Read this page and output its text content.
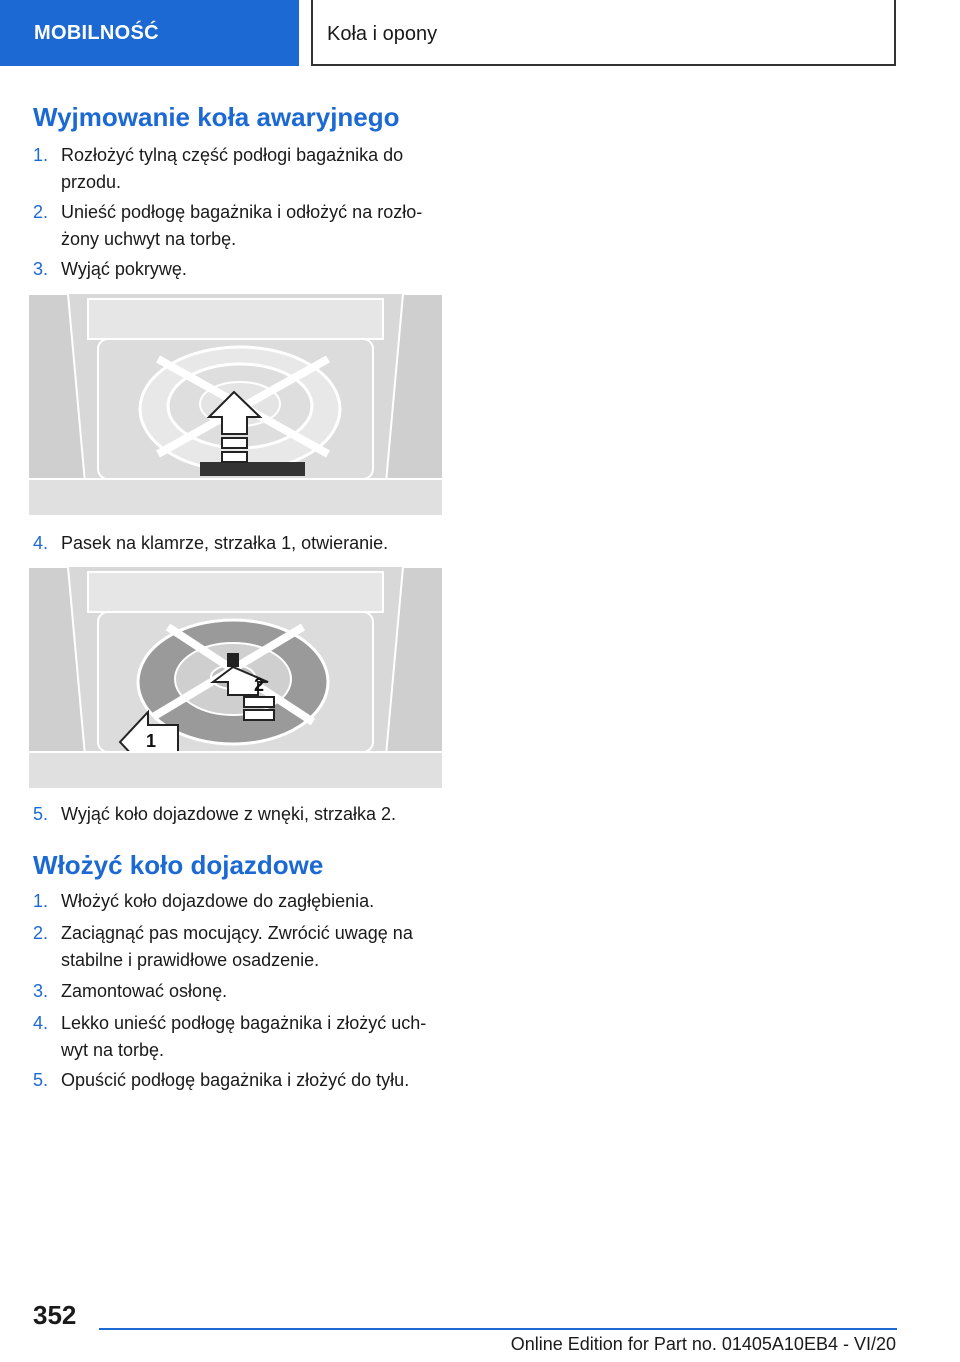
MOBILNOŚĆ	Koła i opony
Wyjmowanie koła awaryjnego
1. Rozłożyć tylną część podłogi bagażnika do przodu.
2. Unieść podłogę bagażnika i odłożyć na rozło-żony uchwyt na torbę.
3. Wyjąć pokrywę.
4. Pasek na klamrze, strzałka 1, otwieranie.
2
1
5. Wyjąć koło dojazdowe z wnęki, strzałka 2.
Włożyć koło dojazdowe
1. Włożyć koło dojazdowe do zagłębienia.
2. Zaciągnąć pas mocujący. Zwrócić uwagę na stabilne i prawidłowe osadzenie.
3. Zamontować osłonę.
4. Lekko unieść podłogę bagażnika i złożyć uch-wyt na torbę.
5. Opuścić podłogę bagażnika i złożyć do tyłu.
352
Online Edition for Part no. 01405A10EB4 - VI/20
